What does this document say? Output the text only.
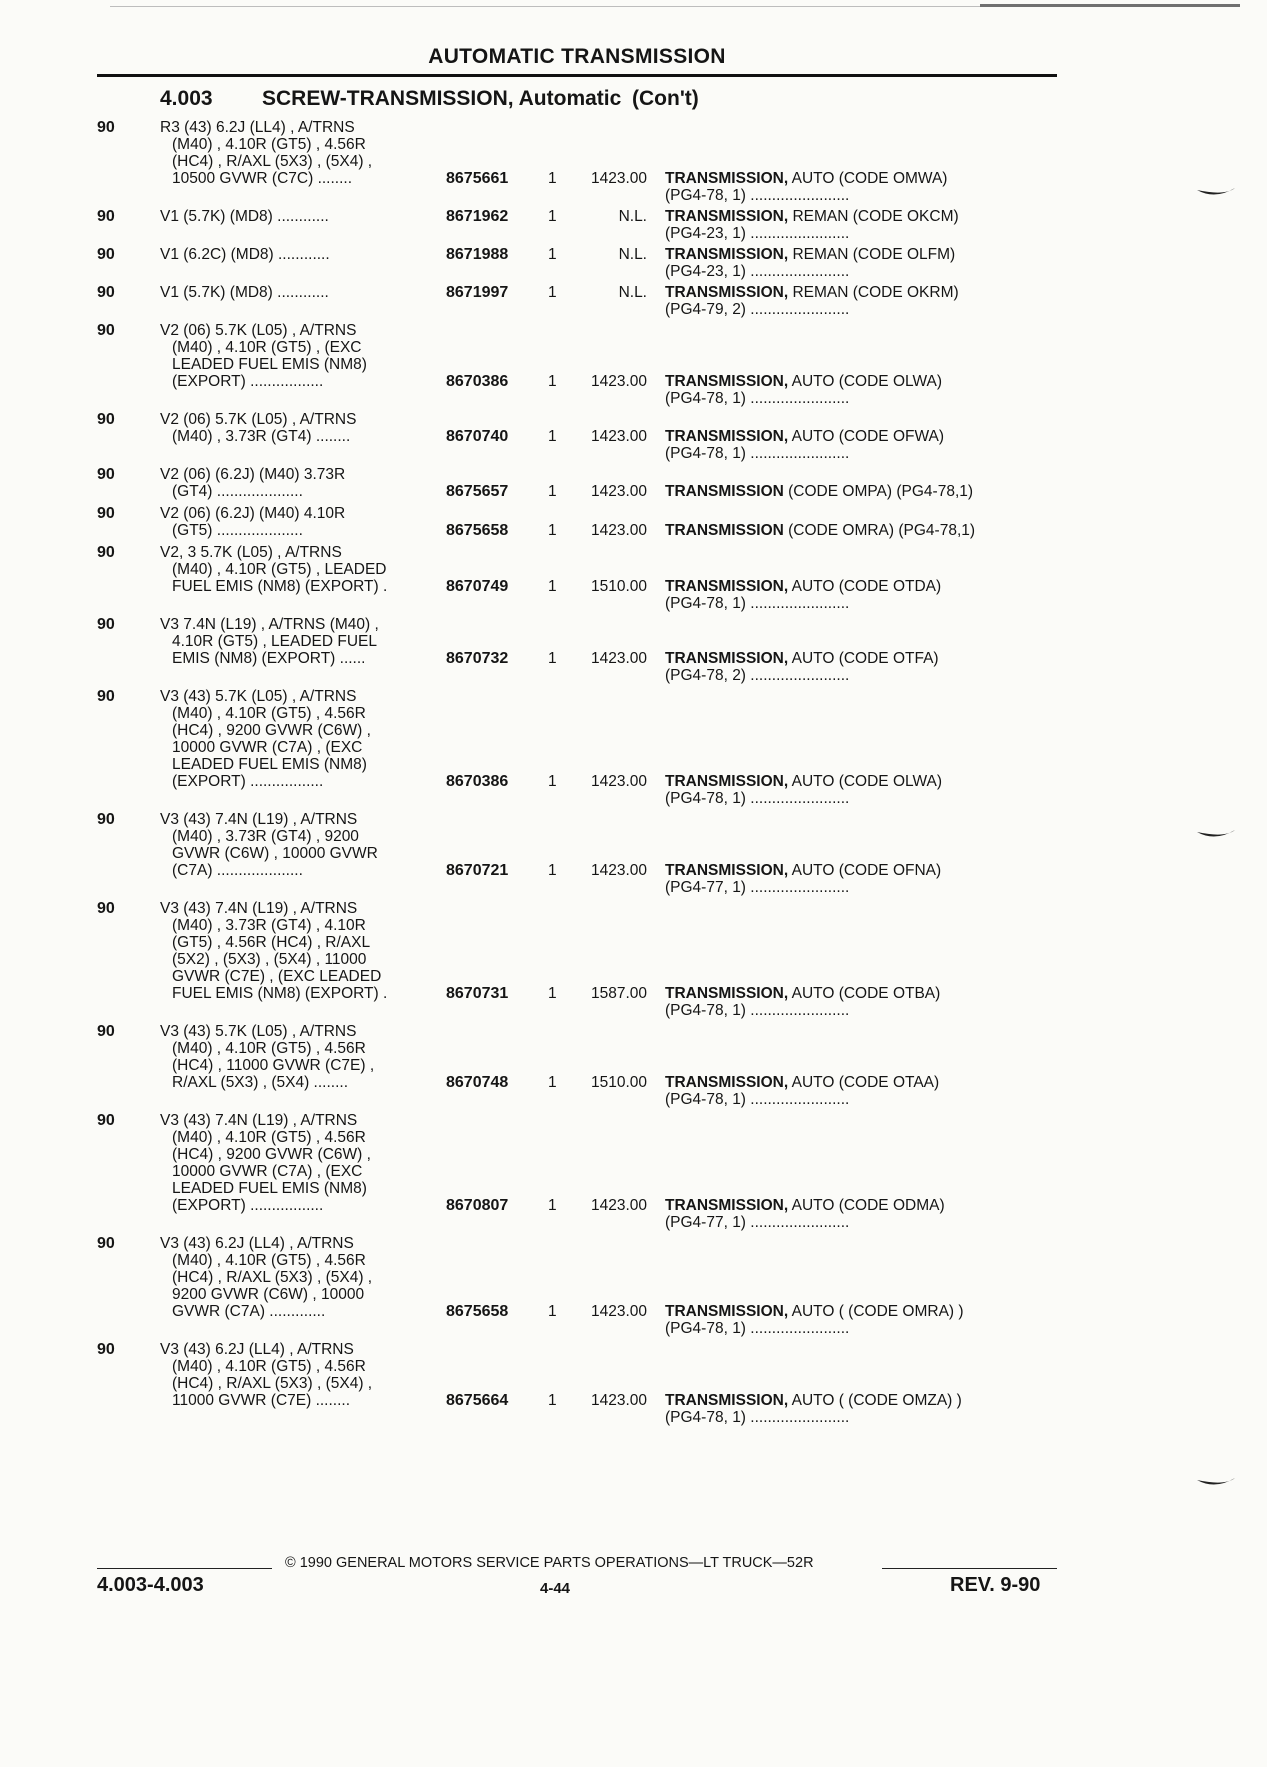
AUTOMATIC TRANSMISSION
4.003 SCREW-TRANSMISSION, Automatic (Con't)
90	R3 (43) 6.2J (LL4) , A/TRNS
(M40) , 4.10R (GT5) , 4.56R
(HC4) , R/AXL (5X3) , (5X4) ,
10500 GVWR (C7C) ........	8675661	1	1423.00	TRANSMISSION, AUTO (CODE OMWA)
(PG4-78, 1) .......................
90	V1 (5.7K) (MD8) ............	8671962	1	N.L.	TRANSMISSION, REMAN (CODE OKCM)
(PG4-23, 1) .......................
90	V1 (6.2C) (MD8) ............	8671988	1	N.L.	TRANSMISSION, REMAN (CODE OLFM)
(PG4-23, 1) .......................
90	V1 (5.7K) (MD8) ............	8671997	1	N.L.	TRANSMISSION, REMAN (CODE OKRM)
(PG4-79, 2) .......................
90	V2 (06) 5.7K (L05) , A/TRNS
(M40) , 4.10R (GT5) , (EXC
LEADED FUEL EMIS (NM8)
(EXPORT) .................	8670386	1	1423.00	TRANSMISSION, AUTO (CODE OLWA)
(PG4-78, 1) .......................
90	V2 (06) 5.7K (L05) , A/TRNS
(M40) , 3.73R (GT4) ........	8670740	1	1423.00	TRANSMISSION, AUTO (CODE OFWA)
(PG4-78, 1) .......................
90	V2 (06) (6.2J) (M40) 3.73R
(GT4) ....................	8675657	1	1423.00	TRANSMISSION (CODE OMPA) (PG4-78,1)
90	V2 (06) (6.2J) (M40) 4.10R
(GT5) ....................	8675658	1	1423.00	TRANSMISSION (CODE OMRA) (PG4-78,1)
90	V2, 3 5.7K (L05) , A/TRNS
(M40) , 4.10R (GT5) , LEADED
FUEL EMIS (NM8) (EXPORT) .	8670749	1	1510.00	TRANSMISSION, AUTO (CODE OTDA)
(PG4-78, 1) .......................
90	V3 7.4N (L19) , A/TRNS (M40) ,
4.10R (GT5) , LEADED FUEL
EMIS (NM8) (EXPORT) ......	8670732	1	1423.00	TRANSMISSION, AUTO (CODE OTFA)
(PG4-78, 2) .......................
90	V3 (43) 5.7K (L05) , A/TRNS
(M40) , 4.10R (GT5) , 4.56R
(HC4) , 9200 GVWR (C6W) ,
10000 GVWR (C7A) , (EXC
LEADED FUEL EMIS (NM8)
(EXPORT) .................	8670386	1	1423.00	TRANSMISSION, AUTO (CODE OLWA)
(PG4-78, 1) .......................
90	V3 (43) 7.4N (L19) , A/TRNS
(M40) , 3.73R (GT4) , 9200
GVWR (C6W) , 10000 GVWR
(C7A) ....................	8670721	1	1423.00	TRANSMISSION, AUTO (CODE OFNA)
(PG4-77, 1) .......................
90	V3 (43) 7.4N (L19) , A/TRNS
(M40) , 3.73R (GT4) , 4.10R
(GT5) , 4.56R (HC4) , R/AXL
(5X2) , (5X3) , (5X4) , 11000
GVWR (C7E) , (EXC LEADED
FUEL EMIS (NM8) (EXPORT) .	8670731	1	1587.00	TRANSMISSION, AUTO (CODE OTBA)
(PG4-78, 1) .......................
90	V3 (43) 5.7K (L05) , A/TRNS
(M40) , 4.10R (GT5) , 4.56R
(HC4) , 11000 GVWR (C7E) ,
R/AXL (5X3) , (5X4) ........	8670748	1	1510.00	TRANSMISSION, AUTO (CODE OTAA)
(PG4-78, 1) .......................
90	V3 (43) 7.4N (L19) , A/TRNS
(M40) , 4.10R (GT5) , 4.56R
(HC4) , 9200 GVWR (C6W) ,
10000 GVWR (C7A) , (EXC
LEADED FUEL EMIS (NM8)
(EXPORT) .................	8670807	1	1423.00	TRANSMISSION, AUTO (CODE ODMA)
(PG4-77, 1) .......................
90	V3 (43) 6.2J (LL4) , A/TRNS
(M40) , 4.10R (GT5) , 4.56R
(HC4) , R/AXL (5X3) , (5X4) ,
9200 GVWR (C6W) , 10000
GVWR (C7A) .............	8675658	1	1423.00	TRANSMISSION, AUTO ( (CODE OMRA) )
(PG4-78, 1) .......................
90	V3 (43) 6.2J (LL4) , A/TRNS
(M40) , 4.10R (GT5) , 4.56R
(HC4) , R/AXL (5X3) , (5X4) ,
11000 GVWR (C7E) ........	8675664	1	1423.00	TRANSMISSION, AUTO ( (CODE OMZA) )
(PG4-78, 1) .......................
© 1990 GENERAL MOTORS SERVICE PARTS OPERATIONS—LT TRUCK—52R
4.003-4.003	4-44	REV. 9-90
